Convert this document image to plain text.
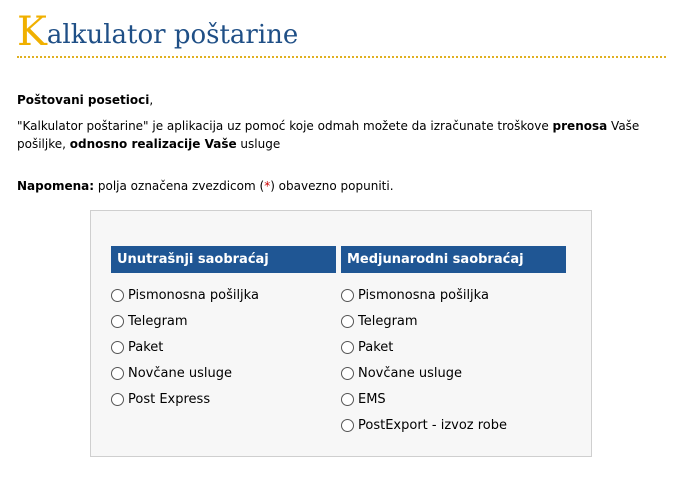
Kalkulator poštarine
Poštovani posetioci,
"Kalkulator poštarine" je aplikacija uz pomoć koje odmah možete da izračunate troškove prenosa Vaše pošiljke, odnosno realizacije Vaše usluge
Napomena: polja označena zvezdicom (*) obavezno popuniti.
Unutrašnji saobraćaj
Pismonosna pošiljka
Telegram
Paket
Novčane usluge
Post Express
Medjunarodni saobraćaj
Pismonosna pošiljka
Telegram
Paket
Novčane usluge
EMS
PostExport - izvoz robe
